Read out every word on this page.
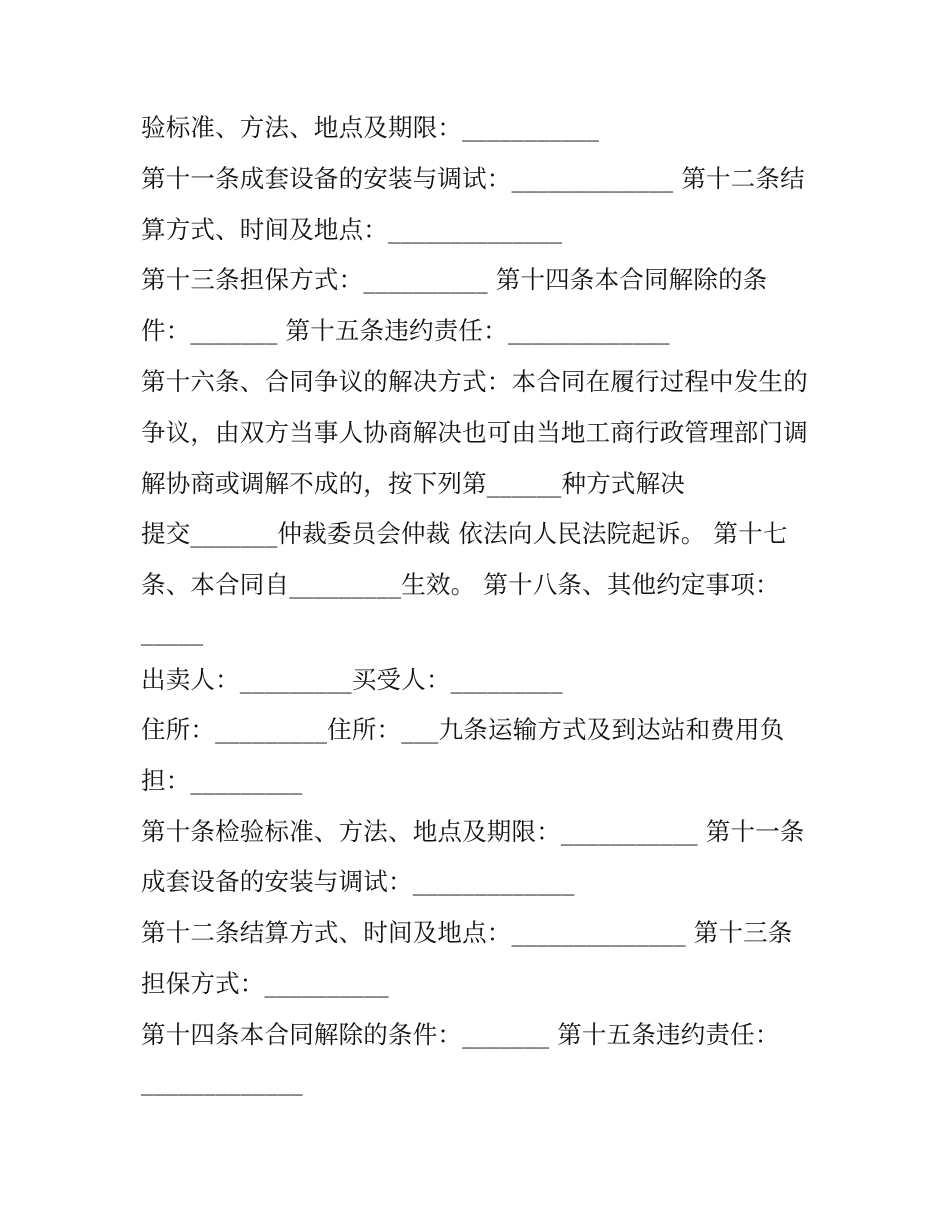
验标准、方法、地点及期限：___________
第十一条成套设备的安装与调试：_____________ 第十二条结
算方式、时间及地点：______________
第十三条担保方式：__________ 第十四条本合同解除的条
件：_______ 第十五条违约责任：_____________
第十六条、合同争议的解决方式：本合同在履行过程中发生的
争议，由双方当事人协商解决也可由当地工商行政管理部门调
解协商或调解不成的，按下列第______种方式解决
提交_______仲裁委员会仲裁 依法向人民法院起诉。 第十七
条、本合同自_________生效。 第十八条、其他约定事项：
_____
出卖人：_________买受人：_________
住所：_________住所：___九条运输方式及到达站和费用负
担：_________
第十条检验标准、方法、地点及期限：___________ 第十一条
成套设备的安装与调试：_____________
第十二条结算方式、时间及地点：______________ 第十三条
担保方式：__________
第十四条本合同解除的条件：_______ 第十五条违约责任：
_____________
